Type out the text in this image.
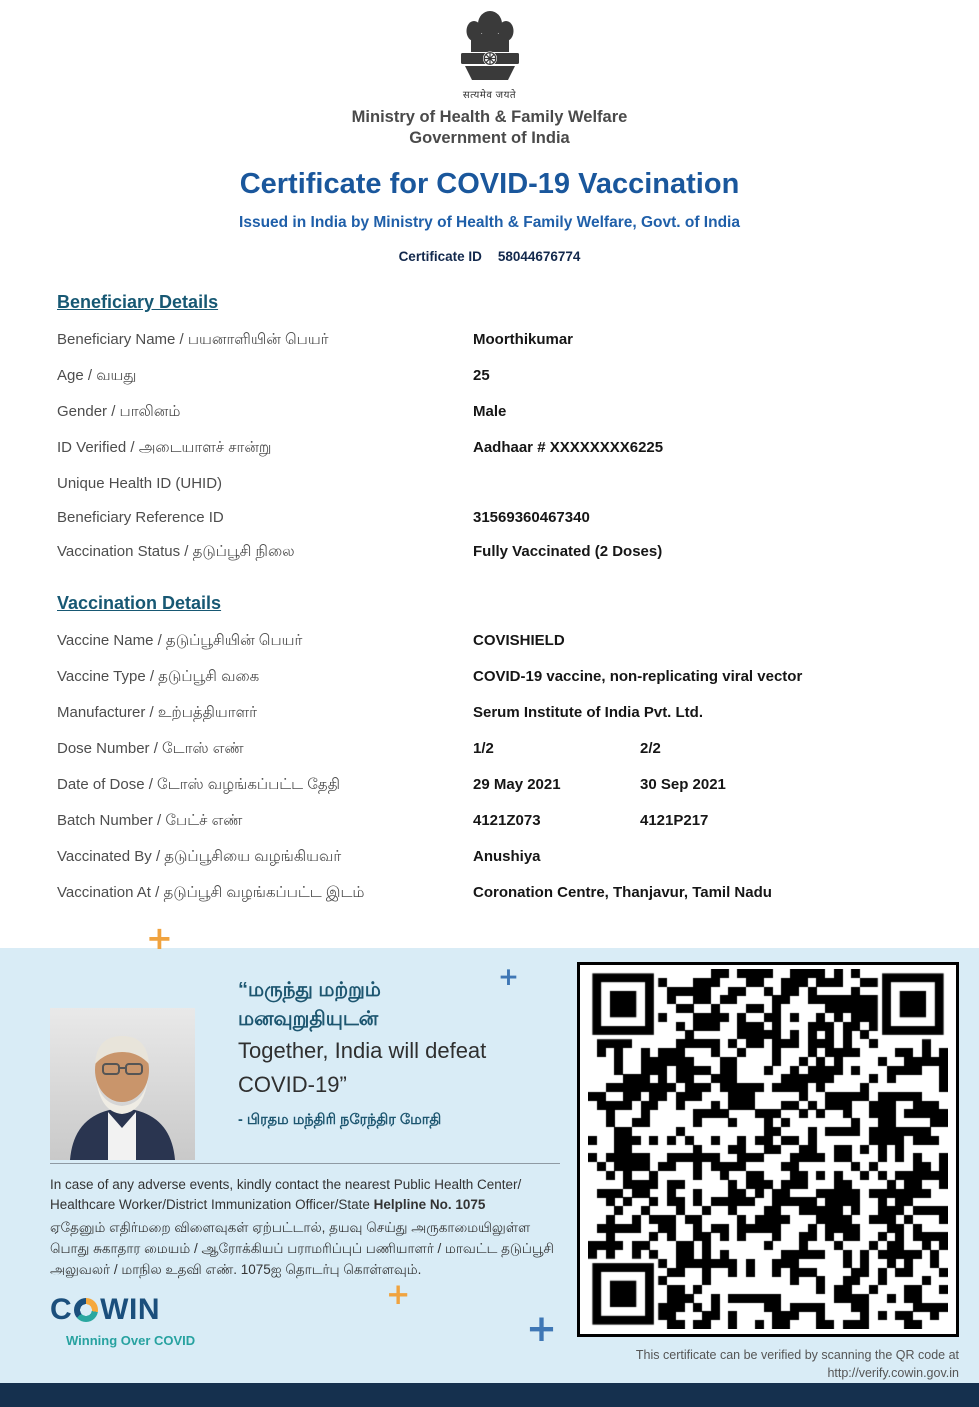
सत्यमेव जयते
Ministry of Health & Family Welfare
Government of India
Certificate for COVID-19 Vaccination
Issued in India by Ministry of Health & Family Welfare, Govt. of India
Certificate ID 58044676774
Beneficiary Details
Beneficiary Name / பயனாளியின் பெயர்	Moorthikumar
Age / வயது	25
Gender / பாலினம்	Male
ID Verified / அடையாளச் சான்று	Aadhaar # XXXXXXXX6225
Unique Health ID (UHID)
Beneficiary Reference ID	31569360467340
Vaccination Status / தடுப்பூசி நிலை	Fully Vaccinated (2 Doses)
Vaccination Details
Vaccine Name / தடுப்பூசியின் பெயர்	COVISHIELD
Vaccine Type / தடுப்பூசி வகை	COVID-19 vaccine, non-replicating viral vector
Manufacturer / உற்பத்தியாளர்	Serum Institute of India Pvt. Ltd.
Dose Number / டோஸ் எண்	1/2	2/2
Date of Dose / டோஸ் வழங்கப்பட்ட தேதி	29 May 2021	30 Sep 2021
Batch Number / பேட்ச் எண்	4121Z073	4121P217
Vaccinated By / தடுப்பூசியை வழங்கியவர்	Anushiya
Vaccination At / தடுப்பூசி வழங்கப்பட்ட இடம்	Coronation Centre, Thanjavur, Tamil Nadu
+
+
+
+
“மருந்து மற்றும்
மனவுறுதியுடன்
Together, India will defeat
COVID-19”
- பிரதம மந்திரி நரேந்திர மோதி
In case of any adverse events, kindly contact the nearest Public Health Center/ Healthcare Worker/District Immunization Officer/State Helpline No. 1075
ஏதேனும் எதிர்மறை விளைவுகள் ஏற்பட்டால், தயவு செய்து அருகாமையிலுள்ள பொது சுகாதார மையம் / ஆரோக்கியப் பராமரிப்புப் பணியாளர் / மாவட்ட தடுப்பூசி அலுவலர் / மாநில உதவி எண். 1075ஐ தொடர்பு கொள்ளவும்.
C WIN
Winning Over COVID
This certificate can be verified by scanning the QR code at
http://verify.cowin.gov.in
